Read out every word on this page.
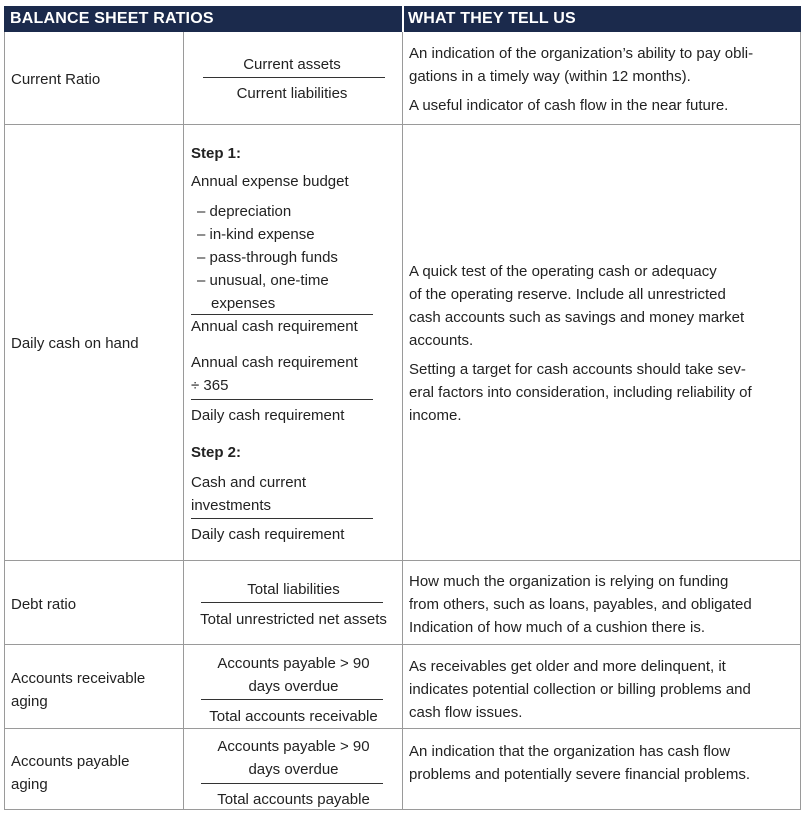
BALANCE SHEET RATIOS	WHAT THEY TELL US
Current Ratio
Current assets
Current liabilities
An indication of the organization’s ability to pay obli-
gations in a timely way (within 12 months).
A useful indicator of cash flow in the near future.
Daily cash on hand
Step 1:
Annual expense budget
– depreciation
– in-kind expense
– pass-through funds
– unusual, one-time
expenses
Annual cash requirement
Annual cash requirement
÷ 365
Daily cash requirement
Step 2:
Cash and current
investments
Daily cash requirement
A quick test of the operating cash or adequacy
of the operating reserve. Include all unrestricted
cash accounts such as savings and money market
accounts.
Setting a target for cash accounts should take sev-
eral factors into consideration, including reliability of
income.
Debt ratio
Total liabilities
Total unrestricted net assets
How much the organization is relying on funding
from others, such as loans, payables, and obligated
Indication of how much of a cushion there is.
Accounts receivable
aging
Accounts payable > 90
days overdue
Total accounts receivable
As receivables get older and more delinquent, it
indicates potential collection or billing problems and
cash flow issues.
Accounts payable
aging
Accounts payable > 90
days overdue
Total accounts payable
An indication that the organization has cash flow
problems and potentially severe financial problems.
